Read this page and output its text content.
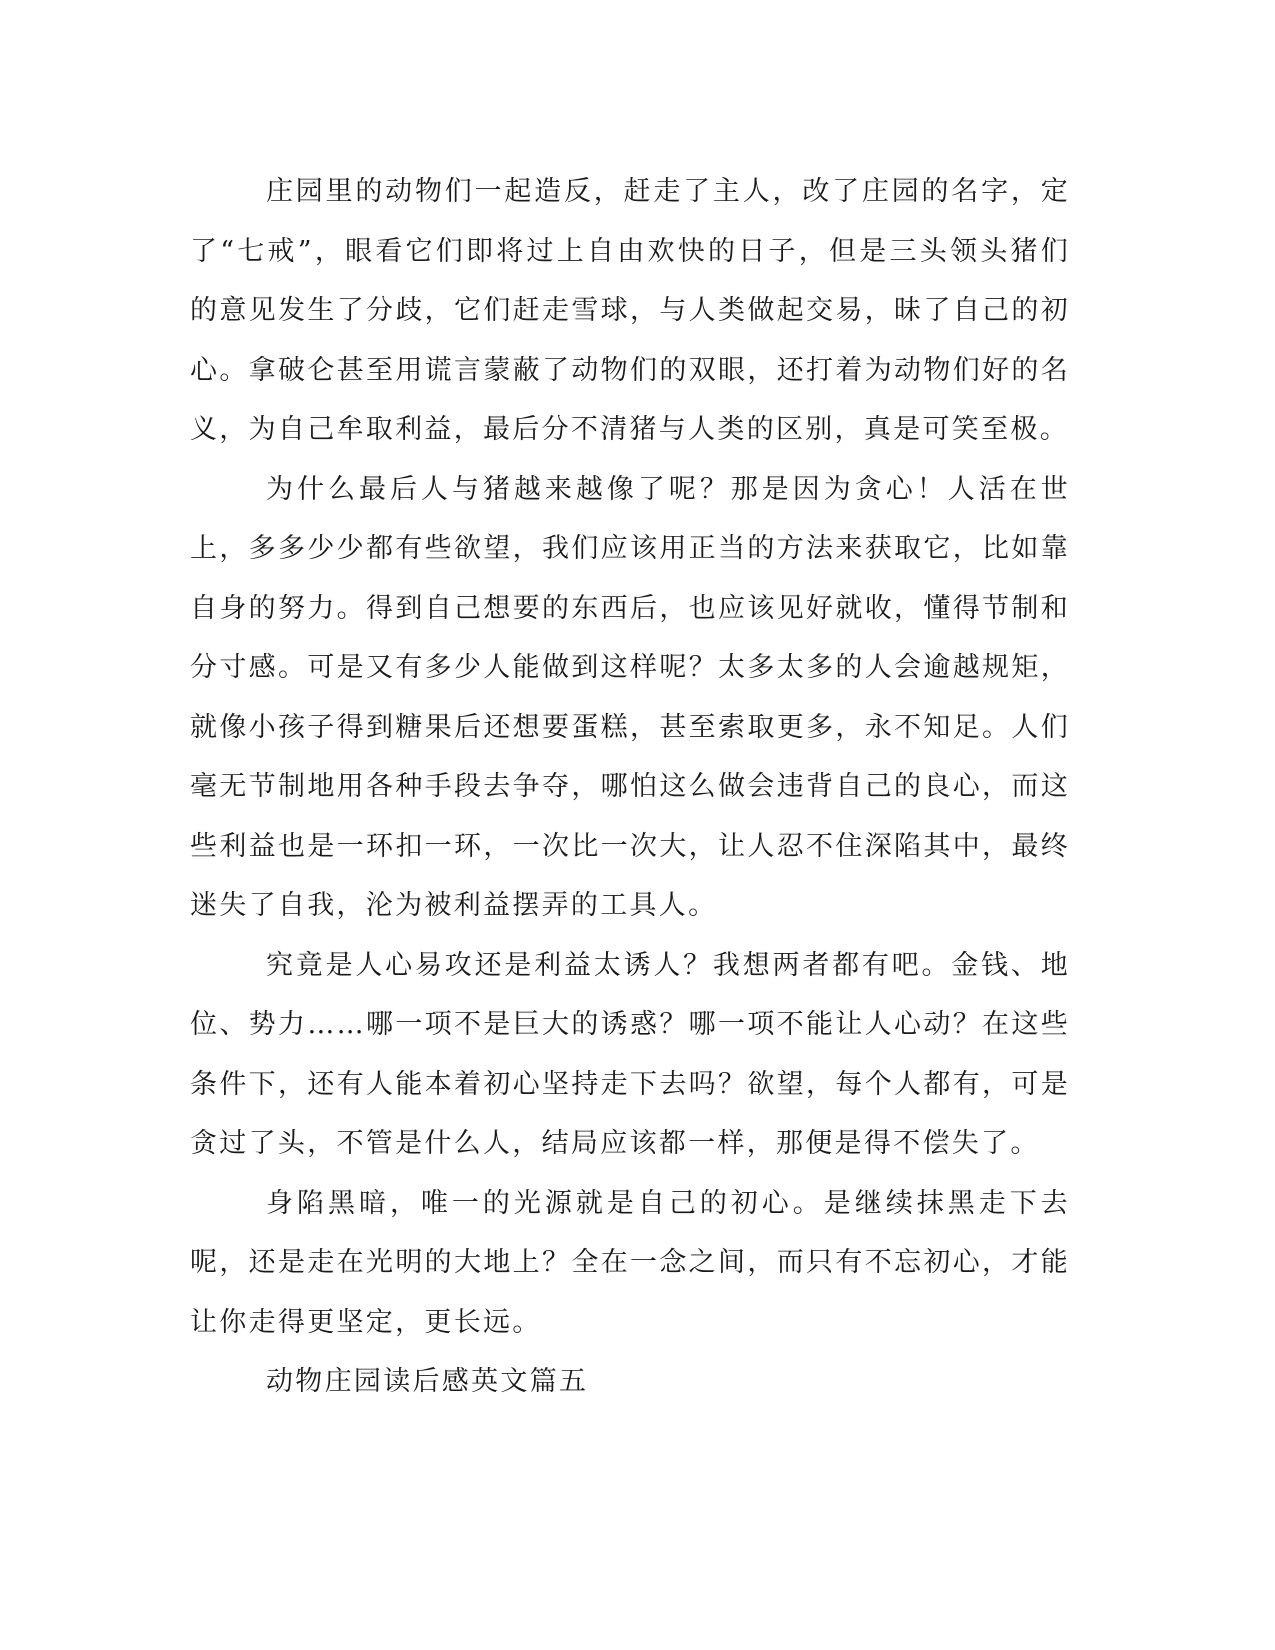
庄园里的动物们一起造反，赶走了主人，改了庄园的名字，定了“七戒”，眼看它们即将过上自由欢快的日子，但是三头领头猪们的意见发生了分歧，它们赶走雪球，与人类做起交易，昧了自己的初心。拿破仑甚至用谎言蒙蔽了动物们的双眼，还打着为动物们好的名义，为自己牟取利益，最后分不清猪与人类的区别，真是可笑至极。

为什么最后人与猪越来越像了呢？那是因为贪心！人活在世上，多多少少都有些欲望，我们应该用正当的方法来获取它，比如靠自身的努力。得到自己想要的东西后，也应该见好就收，懂得节制和分寸感。可是又有多少人能做到这样呢？太多太多的人会逾越规矩，就像小孩子得到糖果后还想要蛋糕，甚至索取更多，永不知足。人们毫无节制地用各种手段去争夺，哪怕这么做会违背自己的良心，而这些利益也是一环扣一环，一次比一次大，让人忍不住深陷其中，最终迷失了自我，沦为被利益摆弄的工具人。

究竟是人心易攻还是利益太诱人？我想两者都有吧。金钱、地位、势力……哪一项不是巨大的诱惑？哪一项不能让人心动？在这些条件下，还有人能本着初心坚持走下去吗？欲望，每个人都有，可是贪过了头，不管是什么人，结局应该都一样，那便是得不偿失了。

身陷黑暗，唯一的光源就是自己的初心。是继续抹黑走下去呢，还是走在光明的大地上？全在一念之间，而只有不忘初心，才能让你走得更坚定，更长远。

动物庄园读后感英文篇五
